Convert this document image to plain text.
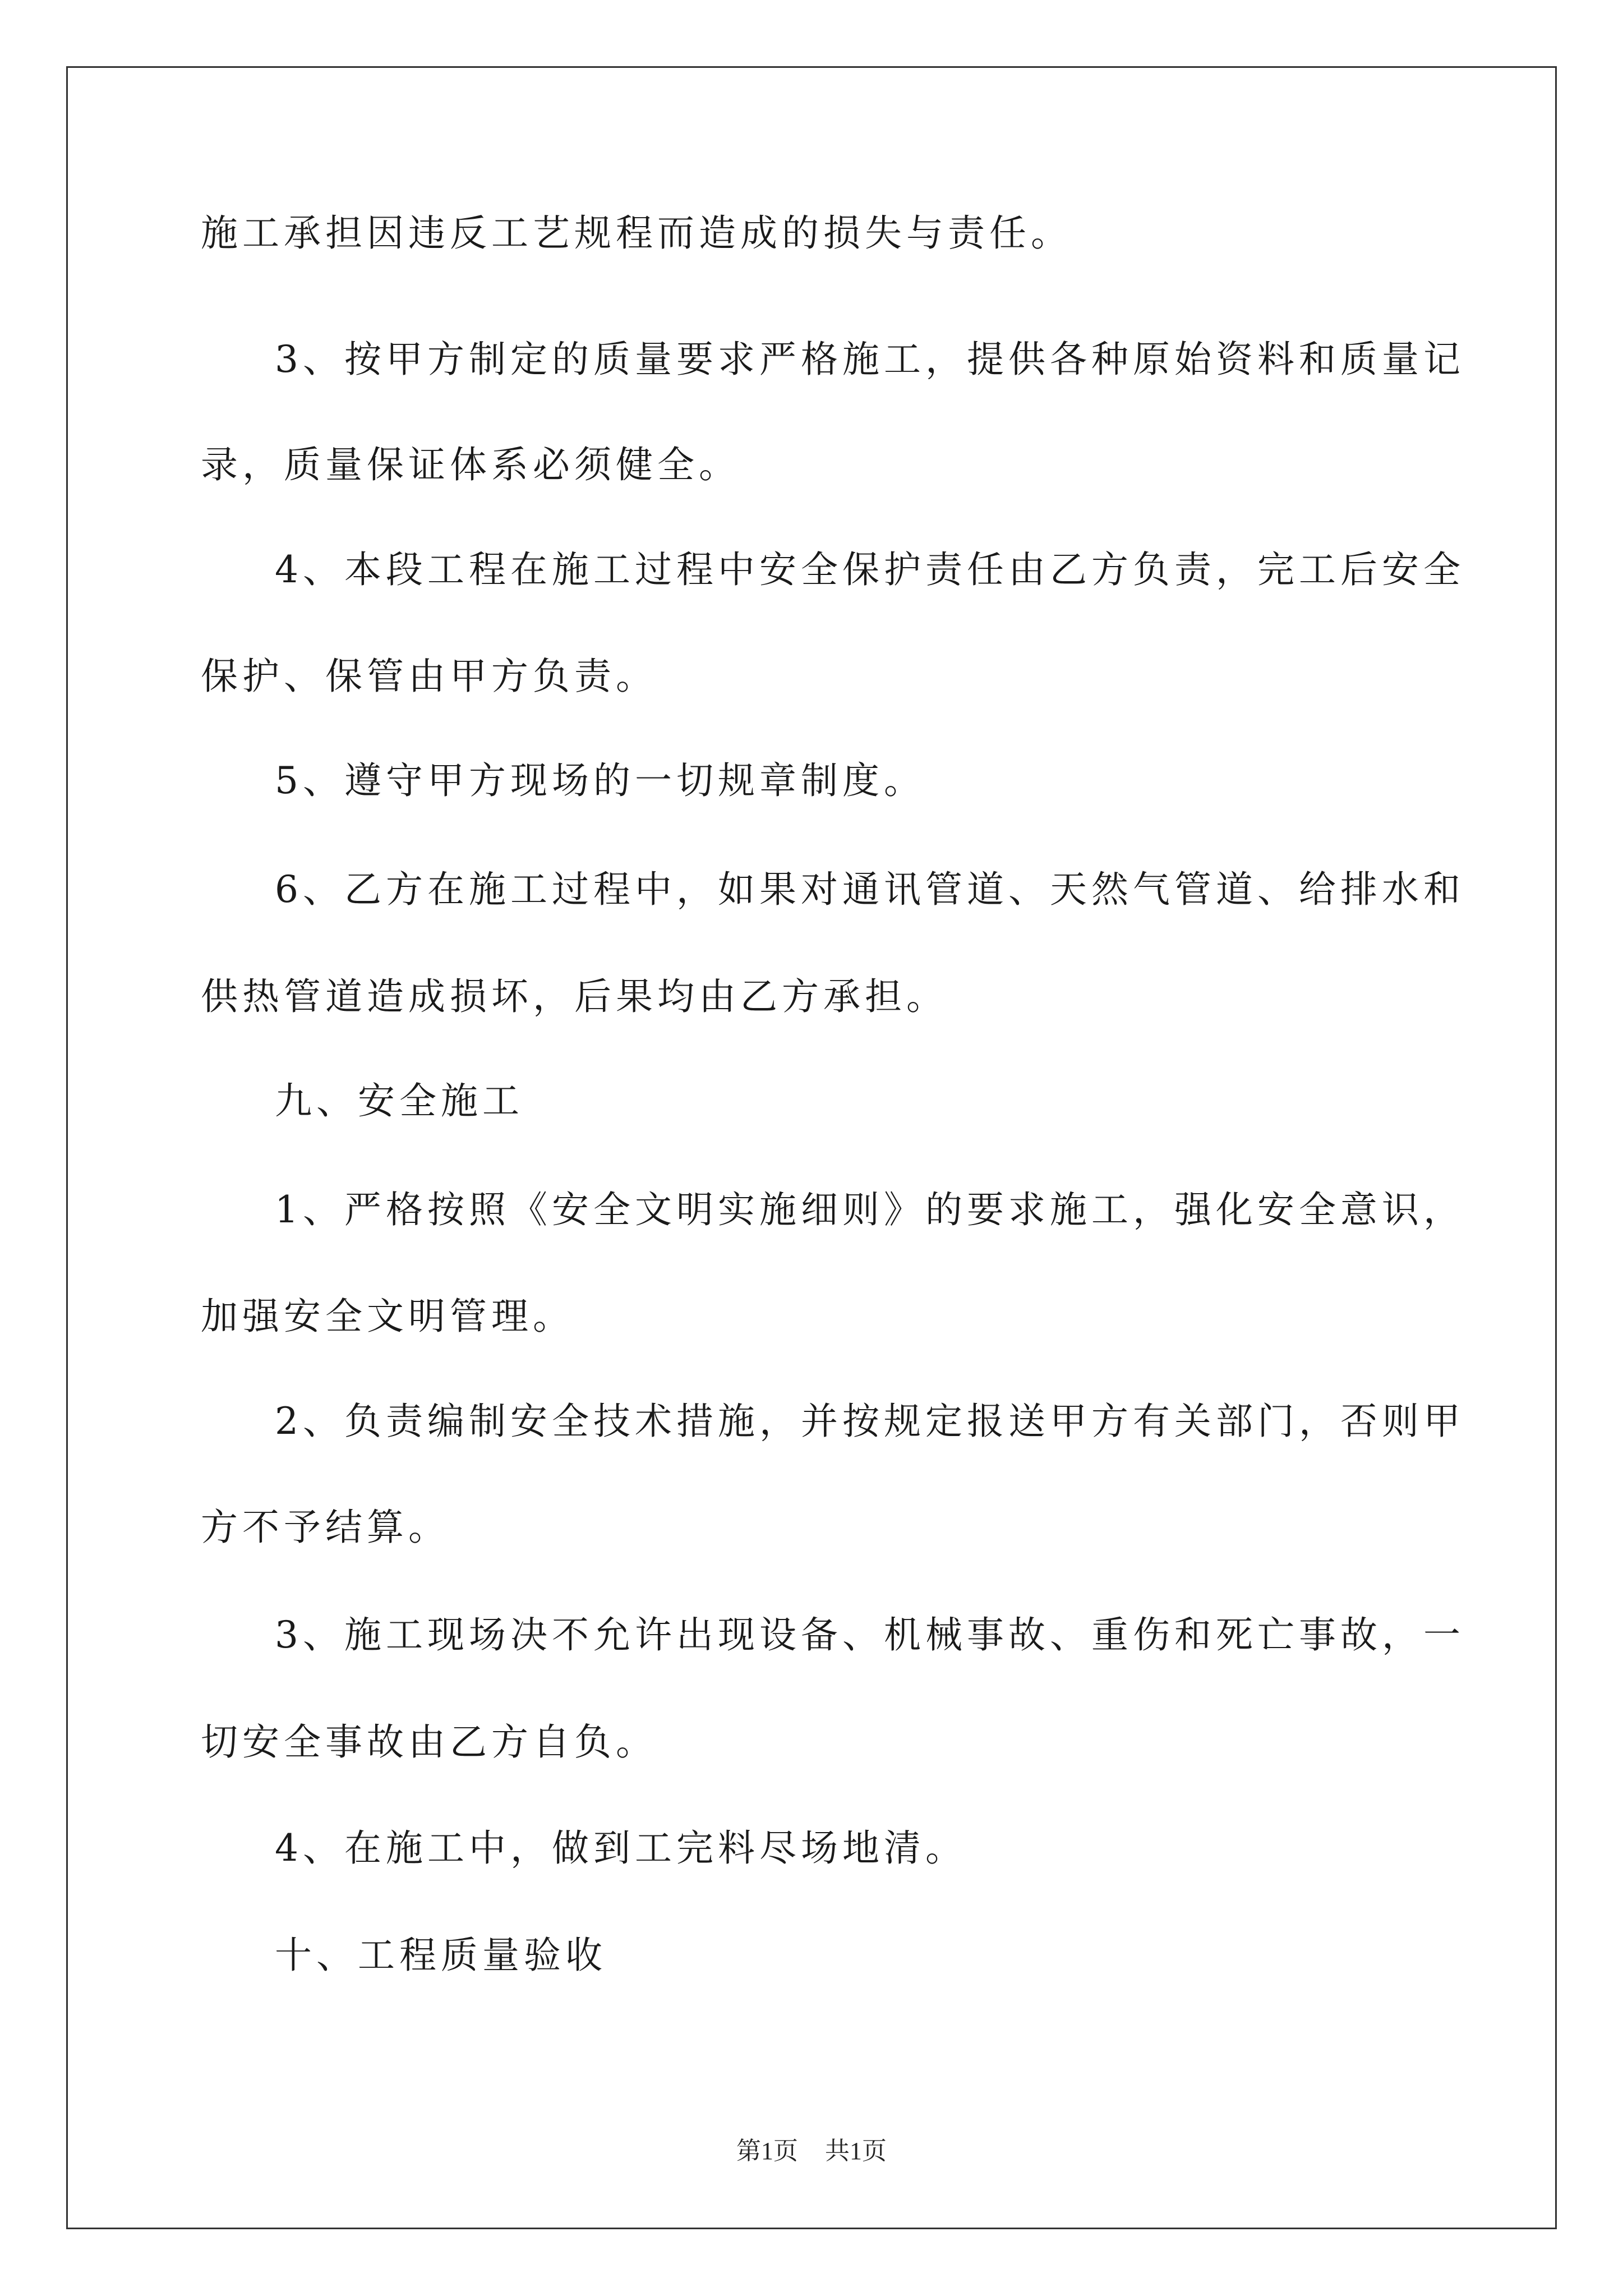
施工承担因违反工艺规程而造成的损失与责任。
3、按甲方制定的质量要求严格施工，提供各种原始资料和质量记
录，质量保证体系必须健全。
4、本段工程在施工过程中安全保护责任由乙方负责，完工后安全
保护、保管由甲方负责。
5、遵守甲方现场的一切规章制度。
6、乙方在施工过程中，如果对通讯管道、天然气管道、给排水和
供热管道造成损坏，后果均由乙方承担。
九、安全施工
1、严格按照《安全文明实施细则》的要求施工，强化安全意识，
加强安全文明管理。
2、负责编制安全技术措施，并按规定报送甲方有关部门，否则甲
方不予结算。
3、施工现场决不允许出现设备、机械事故、重伤和死亡事故，一
切安全事故由乙方自负。
4、在施工中，做到工完料尽场地清。
十、工程质量验收
第1页 共1页
